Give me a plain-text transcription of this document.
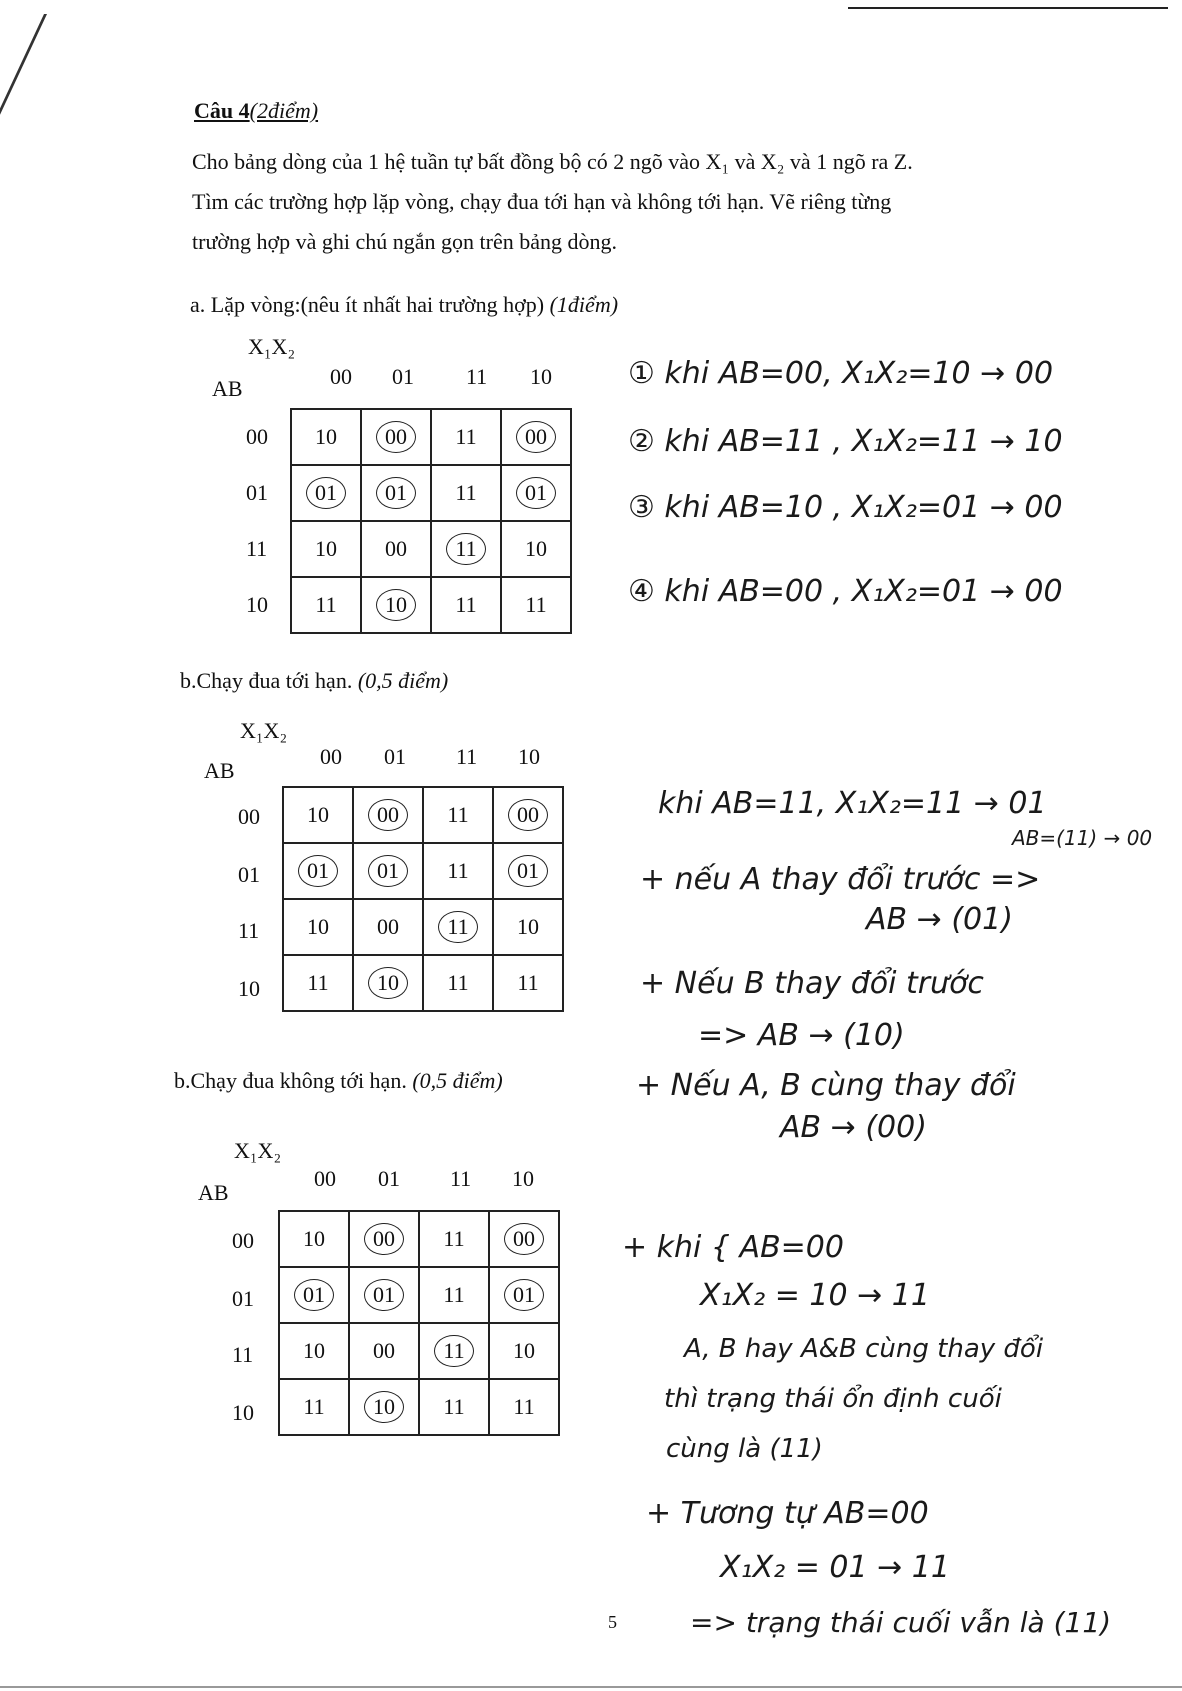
Câu 4(2điểm)
Cho bảng dòng của 1 hệ tuần tự bất đồng bộ có 2 ngõ vào X₁ và X₂ và 1 ngõ ra Z.
Tìm các trường hợp lặp vòng, chạy đua tới hạn và không tới hạn. Vẽ riêng từng
trường hợp và ghi chú ngắn gọn trên bảng dòng.
a. Lặp vòng:(nêu ít nhất hai trường hợp) (1điểm)
X₁X₂
AB	00 01 11 10
00
01
11
10
10	00	11	00
01	01	11	01
10	00	11	10
11	10	11	11
① khi AB=00, X₁X₂=10 → 00
② khi AB=11 , X₁X₂=11 → 10
③ khi AB=10 , X₁X₂=01 → 00
④ khi AB=00 , X₁X₂=01 → 00
b.Chạy đua tới hạn. (0,5 điểm)
X₁X₂
AB
00 01 11 10
00
01
11
10
10	00	11	00
01	01	11	01
10	00	11	10
11	10	11	11
khi AB=11, X₁X₂=11 → 01
AB=(11) → 00
+ nếu A thay đổi trước =>
AB → (01)
+ Nếu B thay đổi trước
=> AB → (10)
+ Nếu A, B cùng thay đổi
AB → (00)
b.Chạy đua không tới hạn. (0,5 điểm)
X₁X₂
AB
00 01 11 10
00
01
11
10
10	00	11	00
01	01	11	01
10	00	11	10
11	10	11	11
+ khi { AB=00
X₁X₂ = 10 → 11
A, B hay A&B cùng thay đổi
thì trạng thái ổn định cuối
cùng là (11)
+ Tương tự AB=00
X₁X₂ = 01 → 11
=> trạng thái cuối vẫn là (11)
5
